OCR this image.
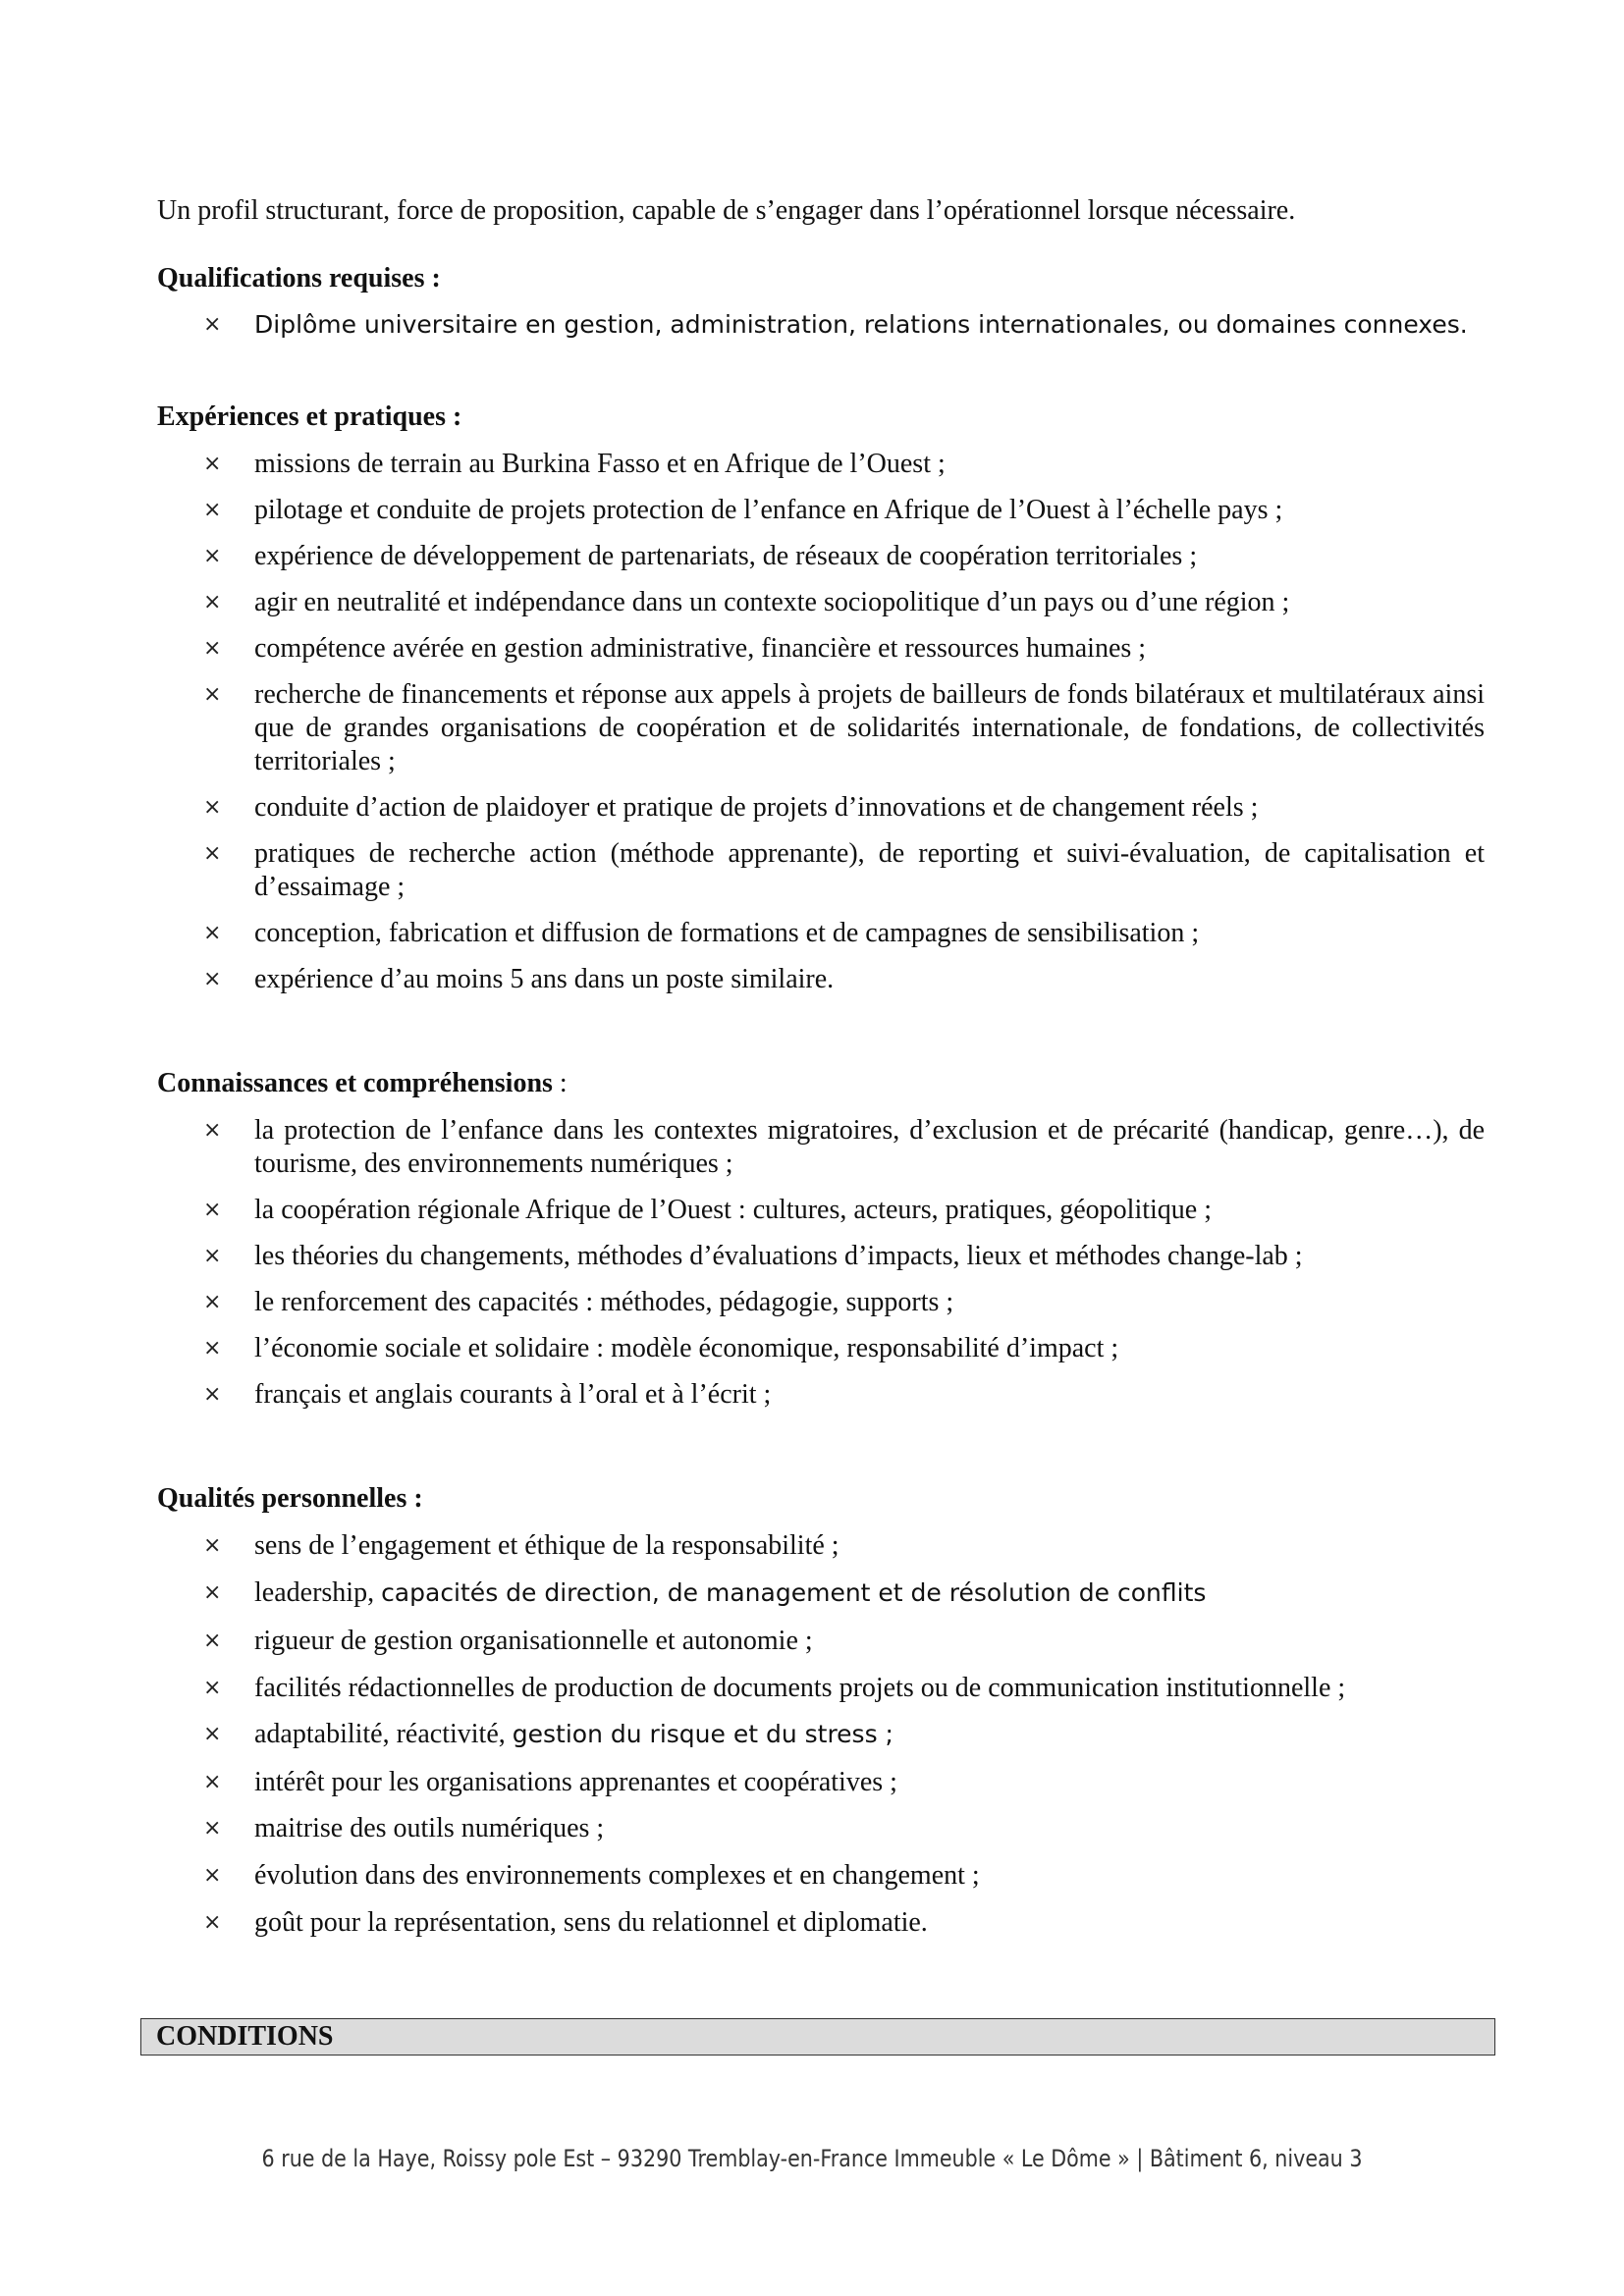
Un profil structurant, force de proposition, capable de s’engager dans l’opérationnel lorsque nécessaire.
Qualifications requises :
× Diplôme universitaire en gestion, administration, relations internationales, ou domaines connexes.
Expériences et pratiques :
× missions de terrain au Burkina Fasso et en Afrique de l’Ouest ;
× pilotage et conduite de projets protection de l’enfance en Afrique de l’Ouest à l’échelle pays ;
× expérience de développement de partenariats, de réseaux de coopération territoriales ;
× agir en neutralité et indépendance dans un contexte sociopolitique d’un pays ou d’une région ;
× compétence avérée en gestion administrative, financière et ressources humaines ;
× recherche de financements et réponse aux appels à projets de bailleurs de fonds bilatéraux et multilatéraux ainsi que de grandes organisations de coopération et de solidarités internationale, de fondations, de collectivités territoriales ;
× conduite d’action de plaidoyer et pratique de projets d’innovations et de changement réels ;
× pratiques de recherche action (méthode apprenante), de reporting et suivi-évaluation, de capitalisation et d’essaimage ;
× conception, fabrication et diffusion de formations et de campagnes de sensibilisation ;
× expérience d’au moins 5 ans dans un poste similaire.
Connaissances et compréhensions :
× la protection de l’enfance dans les contextes migratoires, d’exclusion et de précarité (handicap, genre…), de tourisme, des environnements numériques ;
× la coopération régionale Afrique de l’Ouest : cultures, acteurs, pratiques, géopolitique ;
× les théories du changements, méthodes d’évaluations d’impacts, lieux et méthodes change-lab ;
× le renforcement des capacités : méthodes, pédagogie, supports ;
× l’économie sociale et solidaire : modèle économique, responsabilité d’impact ;
× français et anglais courants à l’oral et à l’écrit ;
Qualités personnelles :
× sens de l’engagement et éthique de la responsabilité ;
× leadership, capacités de direction, de management et de résolution de conflits
× rigueur de gestion organisationnelle et autonomie ;
× facilités rédactionnelles de production de documents projets ou de communication institutionnelle ;
× adaptabilité, réactivité, gestion du risque et du stress ;
× intérêt pour les organisations apprenantes et coopératives ;
× maitrise des outils numériques ;
× évolution dans des environnements complexes et en changement ;
× goût pour la représentation, sens du relationnel et diplomatie.
CONDITIONS
6 rue de la Haye, Roissy pole Est – 93290 Tremblay-en-France Immeuble « Le Dôme » | Bâtiment 6, niveau 3
